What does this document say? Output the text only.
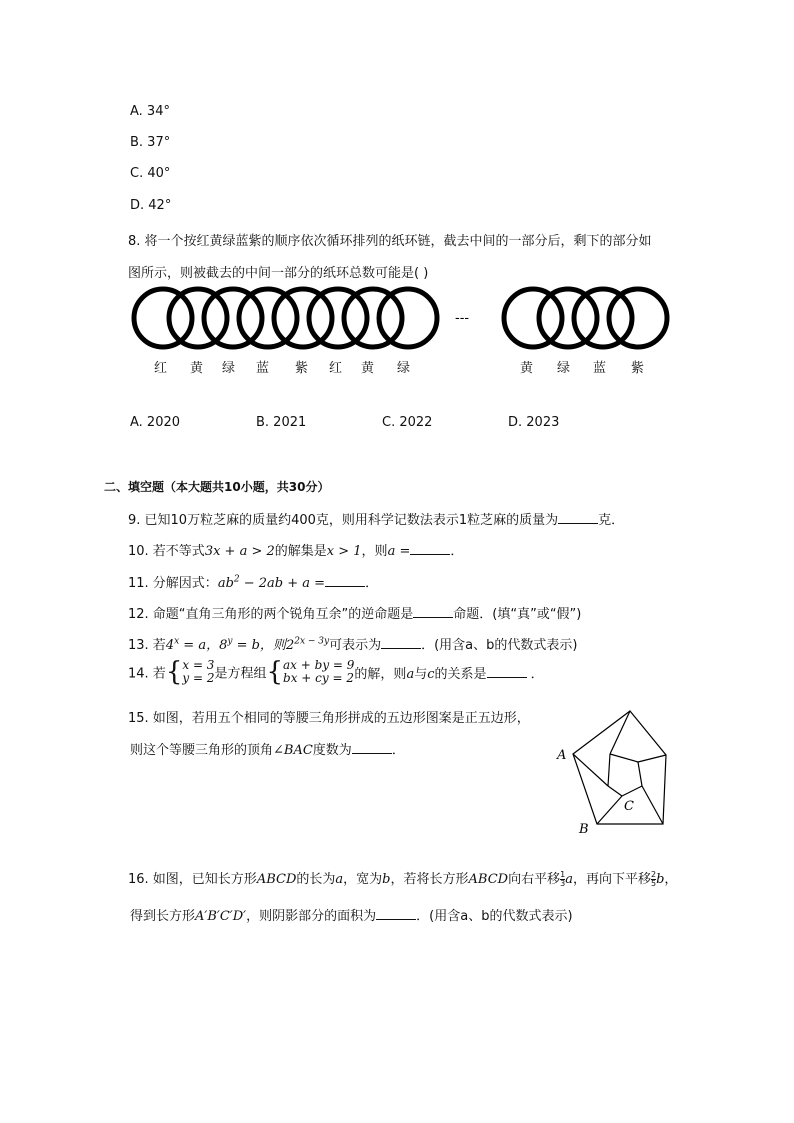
A. 34°
B. 37°
C. 40°
D. 42°
8. 将一个按红黄绿蓝紫的顺序依次循环排列的纸环链，截去中间的一部分后，剩下的部分如
图所示，则被截去的中间一部分的纸环总数可能是( )
---
红 黄 绿 蓝 紫 红 黄 绿	黄 绿 蓝 紫
A. 2020	B. 2021	C. 2022	D. 2023
二、填空题（本大题共10小题，共30分）
9. 已知10万粒芝麻的质量约400克，则用科学记数法表示1粒芝麻的质量为	克．
10. 若不等式3x + a > 2的解集是x > 1，则a =	．
11. 分解因式：$ab^2 - 2ab + a$ =	．
12. 命题“直角三角形的两个锐角互余”的逆命题是	命题．(填“真”或“假”)
13. 若$4^x = a$，$8^y = b$，则$2^{2x - 3y}$可表示为	．(用含a、b的代数式表示)
14. 若{ x = 3
y = 2 是方程组{ ax + by = 9
bx + cy = 2 的解，则a与c的关系是	．
15. 如图，若用五个相同的等腰三角形拼成的五边形图案是正五边形，
则这个等腰三角形的顶角∠BAC度数为	．	A
B
C
16. 如图，已知长方形ABCD的长为a，宽为b，若将长方形ABCD向右平移 $\frac{1}{3}$ a，再向下平移 $\frac{2}{5}$ b，
得到长方形A′B′C′D′，则阴影部分的面积为	．(用含a、b的代数式表示)
